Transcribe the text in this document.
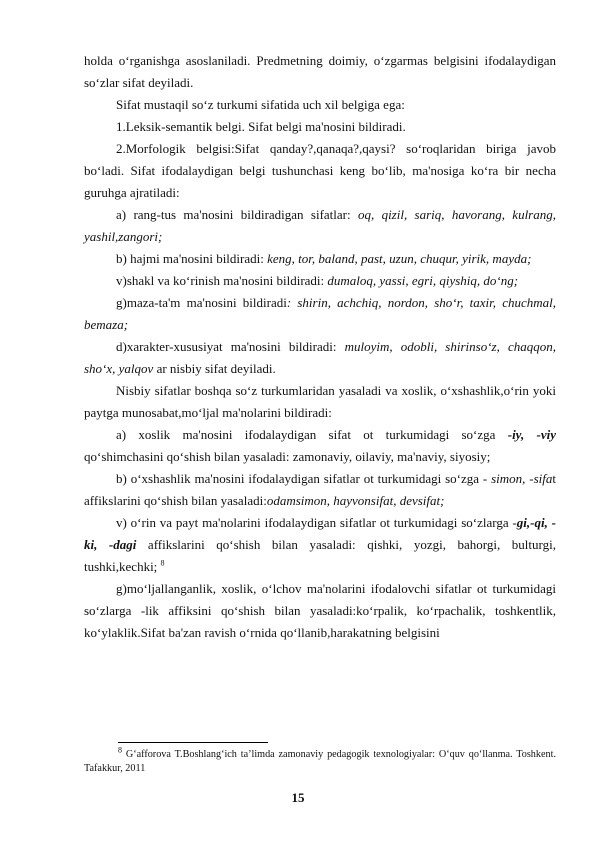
holda o‘rganishga asoslaniladi. Predmetning doimiy, o‘zgarmas belgisini ifodalaydigan so‘zlar sifat deyiladi.

Sifat mustaqil so‘z turkumi sifatida uch xil belgiga ega:

1.Leksik-semantik belgi. Sifat belgi ma'nosini bildiradi.

2.Morfologik belgisi:Sifat qanday?,qanaqa?,qaysi? so‘roqlaridan biriga javob bo‘ladi. Sifat ifodalaydigan belgi tushunchasi keng bo‘lib, ma'nosiga ko‘ra bir necha guruhga ajratiladi:

a) rang-tus ma'nosini bildiradigan sifatlar: oq, qizil, sariq, havorang, kulrang, yashil,zangori;

b) hajmi ma'nosini bildiradi: keng, tor, baland, past, uzun, chuqur, yirik, mayda;

v)shakl va ko‘rinish ma'nosini bildiradi: dumaloq, yassi, egri, qiyshiq, do‘ng;

g)maza-ta'm ma'nosini bildiradi: shirin, achchiq, nordon, sho‘r, taxir, chuchmal, bemaza;

d)xarakter-xususiyat ma'nosini bildiradi: muloyim, odobli, shirinso‘z, chaqqon, sho‘x, yalqov ar nisbiy sifat deyiladi.

Nisbiy sifatlar boshqa so‘z turkumlaridan yasaladi va xoslik, o‘xshashlik,o‘rin yoki paytga munosabat,mo‘ljal ma'nolarini bildiradi:

a) xoslik ma'nosini ifodalaydigan sifat ot turkumidagi so‘zga -iy, -viy qo‘shimchasini qo‘shish bilan yasaladi: zamonaviy, oilaviy, ma'naviy, siyosiy;

b) o‘xshashlik ma'nosini ifodalaydigan sifatlar ot turkumidagi so‘zga - simon, -sifat affikslarini qo‘shish bilan yasaladi:odamsimon, hayvonsifat, devsifat;

v) o‘rin va payt ma'nolarini ifodalaydigan sifatlar ot turkumidagi so‘zlarga -gi,-qi, -ki, -dagi affikslarini qo‘shish bilan yasaladi: qishki, yozgi, bahorgi, bulturgi, tushki,kechki; $^8$

g)mo‘ljallanganlik, xoslik, o‘lchov ma'nolarini ifodalovchi sifatlar ot turkumidagi so‘zlarga -lik affiksini qo‘shish bilan yasaladi:ko‘rpalik, ko‘rpachalik, toshkentlik, ko‘ylaklik.Sifat ba'zan ravish o‘rnida qo‘llanib,harakatning belgisini

$^8$ G‘afforova T.Boshlang‘ich ta’limda zamonaviy pedagogik texnologiyalar: O‘quv qo‘llanma. Toshkent. Tafakkur, 2011

15
